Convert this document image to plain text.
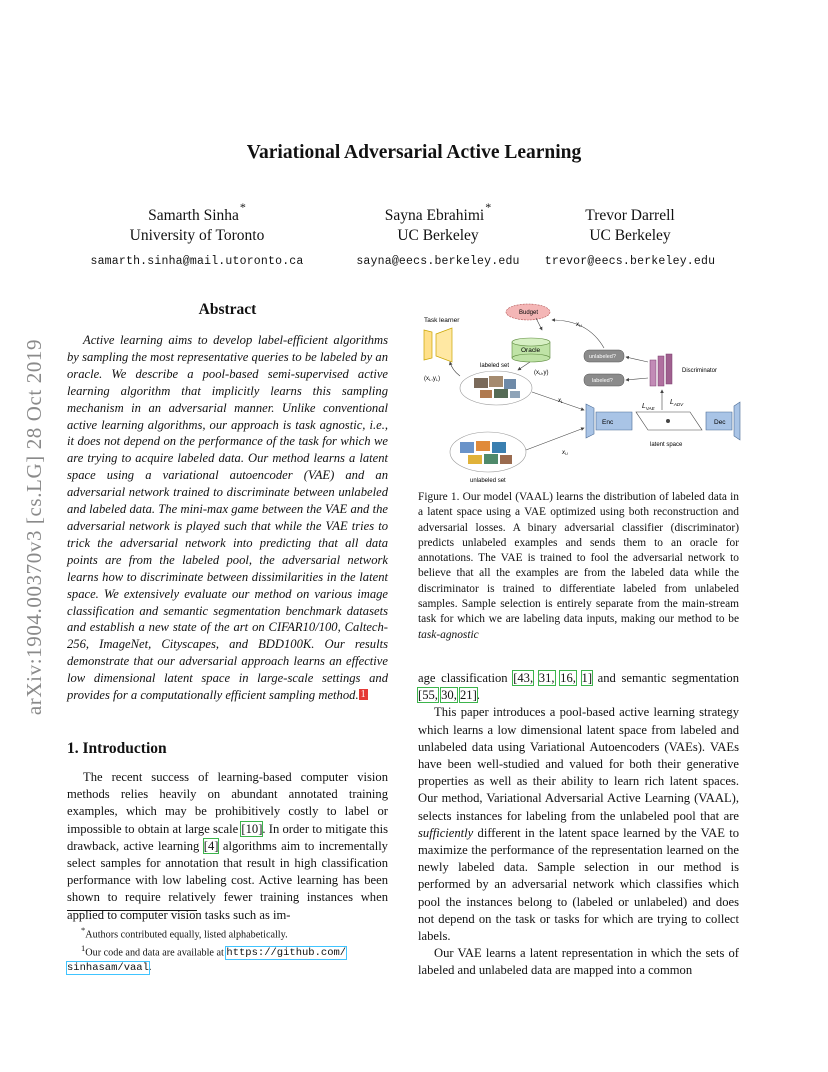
arXiv:1904.00370v3 [cs.LG] 28 Oct 2019
Variational Adversarial Active Learning
Samarth Sinha*
University of Toronto
samarth.sinha@mail.utoronto.ca
Sayna Ebrahimi*
UC Berkeley
sayna@eecs.berkeley.edu
Trevor Darrell
UC Berkeley
trevor@eecs.berkeley.edu
Abstract
Active learning aims to develop label-efficient algorithms by sampling the most representative queries to be labeled by an oracle. We describe a pool-based semi-supervised active learning algorithm that implicitly learns this sampling mechanism in an adversarial manner. Unlike conventional active learning algorithms, our approach is task agnostic, i.e., it does not depend on the performance of the task for which we are trying to acquire labeled data. Our method learns a latent space using a variational autoencoder (VAE) and an adversarial network trained to discriminate between unlabeled and labeled data. The mini-max game between the VAE and the adversarial network is played such that while the VAE tries to trick the adversarial network into predicting that all data points are from the labeled pool, the adversarial network learns how to discriminate between dissimilarities in the latent space. We extensively evaluate our method on various image classification and semantic segmentation benchmark datasets and establish a new state of the art on CIFAR10/100, Caltech-256, ImageNet, Cityscapes, and BDD100K. Our results demonstrate that our adversarial approach learns an effective low dimensional latent space in large-scale settings and provides for a computationally efficient sampling method. 1
1. Introduction
The recent success of learning-based computer vision methods relies heavily on abundant annotated training examples, which may be prohibitively costly to label or impossible to obtain at large scale [10]. In order to mitigate this drawback, active learning [4] algorithms aim to incrementally select samples for annotation that result in high classification performance with low labeling cost. Active learning has been shown to require relatively fewer training instances when applied to computer vision tasks such as im-
*Authors contributed equally, listed alphabetically.
$^1$Our code and data are available at https://github.com/
sinhasam/vaal.
Task learner
Budget
Oracle
labeled set
(xL,yL)
(xU,y)
unlabeled set
Enc
latent space
$L_{VAE}$
Dec
Discriminator
$L_{ADV}$
unlabeled?
labeled?
xU
xL
xU
Figure 1. Our model (VAAL) learns the distribution of labeled data in a latent space using a VAE optimized using both reconstruction and adversarial losses. A binary adversarial classifier (discriminator) predicts unlabeled examples and sends them to an oracle for annotations. The VAE is trained to fool the adversarial network to believe that all the examples are from the labeled data while the discriminator is trained to differentiate labeled from unlabeled samples. Sample selection is entirely separate from the main-stream task for which we are labeling data inputs, making our method to be task-agnostic

age classification [43, 31, 16, 1] and semantic segmentation [55, 30, 21].

This paper introduces a pool-based active learning strategy which learns a low dimensional latent space from labeled and unlabeled data using Variational Autoencoders (VAEs). VAEs have been well-studied and valued for both their generative properties as well as their ability to learn rich latent spaces. Our method, Variational Adversarial Active Learning (VAAL), selects instances for labeling from the unlabeled pool that are sufficiently different in the latent space learned by the VAE to maximize the performance of the representation learned on the newly labeled data. Sample selection in our method is performed by an adversarial network which classifies which pool the instances belong to (labeled or unlabeled) and does not depend on the task or tasks for which are trying to collect labels.

Our VAE learns a latent representation in which the sets of labeled and unlabeled data are mapped into a common
